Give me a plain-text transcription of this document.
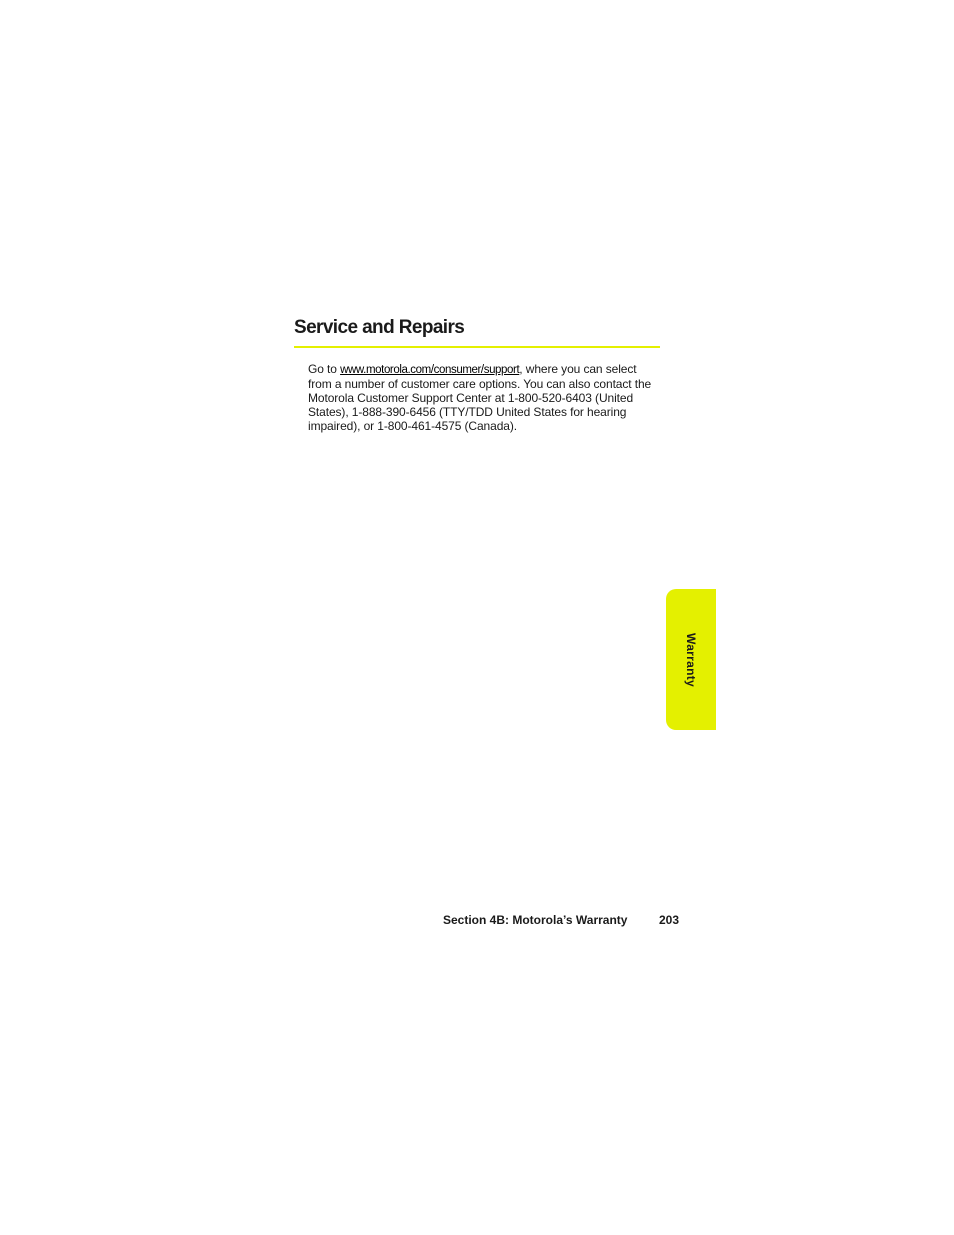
Service and Repairs

Go to www.motorola.com/consumer/support, where you can select from a number of customer care options. You can also contact the Motorola Customer Support Center at 1-800-520-6403 (United States), 1-888-390-6456 (TTY/TDD United States for hearing impaired), or 1-800-461-4575 (Canada).

Warranty
Section 4B: Motorola’s Warranty	203
